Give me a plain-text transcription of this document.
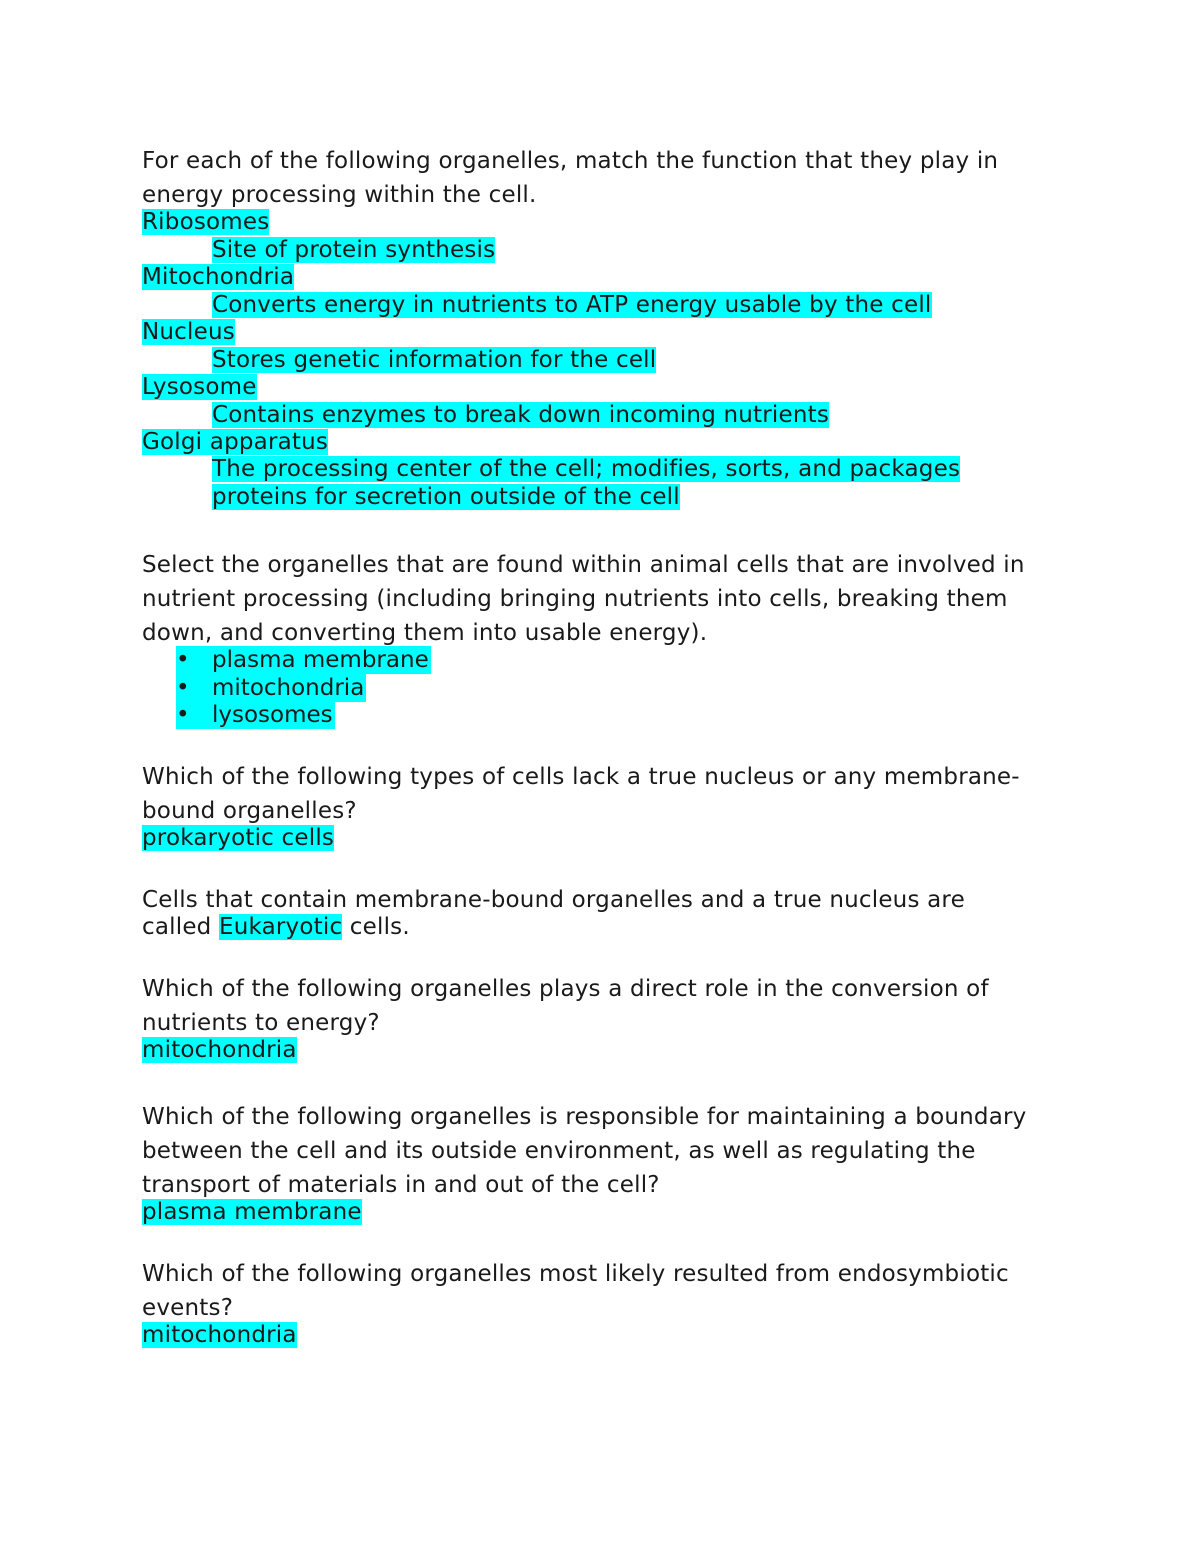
For each of the following organelles, match the function that they play in
energy processing within the cell.
Ribosomes
Site of protein synthesis
Mitochondria
Converts energy in nutrients to ATP energy usable by the cell
Nucleus
Stores genetic information for the cell
Lysosome
Contains enzymes to break down incoming nutrients
Golgi apparatus
The processing center of the cell; modifies, sorts, and packages
proteins for secretion outside of the cell
Select the organelles that are found within animal cells that are involved in
nutrient processing (including bringing nutrients into cells, breaking them
down, and converting them into usable energy).
• plasma membrane
• mitochondria
• lysosomes
Which of the following types of cells lack a true nucleus or any membrane-
bound organelles?
prokaryotic cells
Cells that contain membrane-bound organelles and a true nucleus are
called Eukaryotic cells.
Which of the following organelles plays a direct role in the conversion of
nutrients to energy?
mitochondria
Which of the following organelles is responsible for maintaining a boundary
between the cell and its outside environment, as well as regulating the
transport of materials in and out of the cell?
plasma membrane
Which of the following organelles most likely resulted from endosymbiotic
events?
mitochondria
